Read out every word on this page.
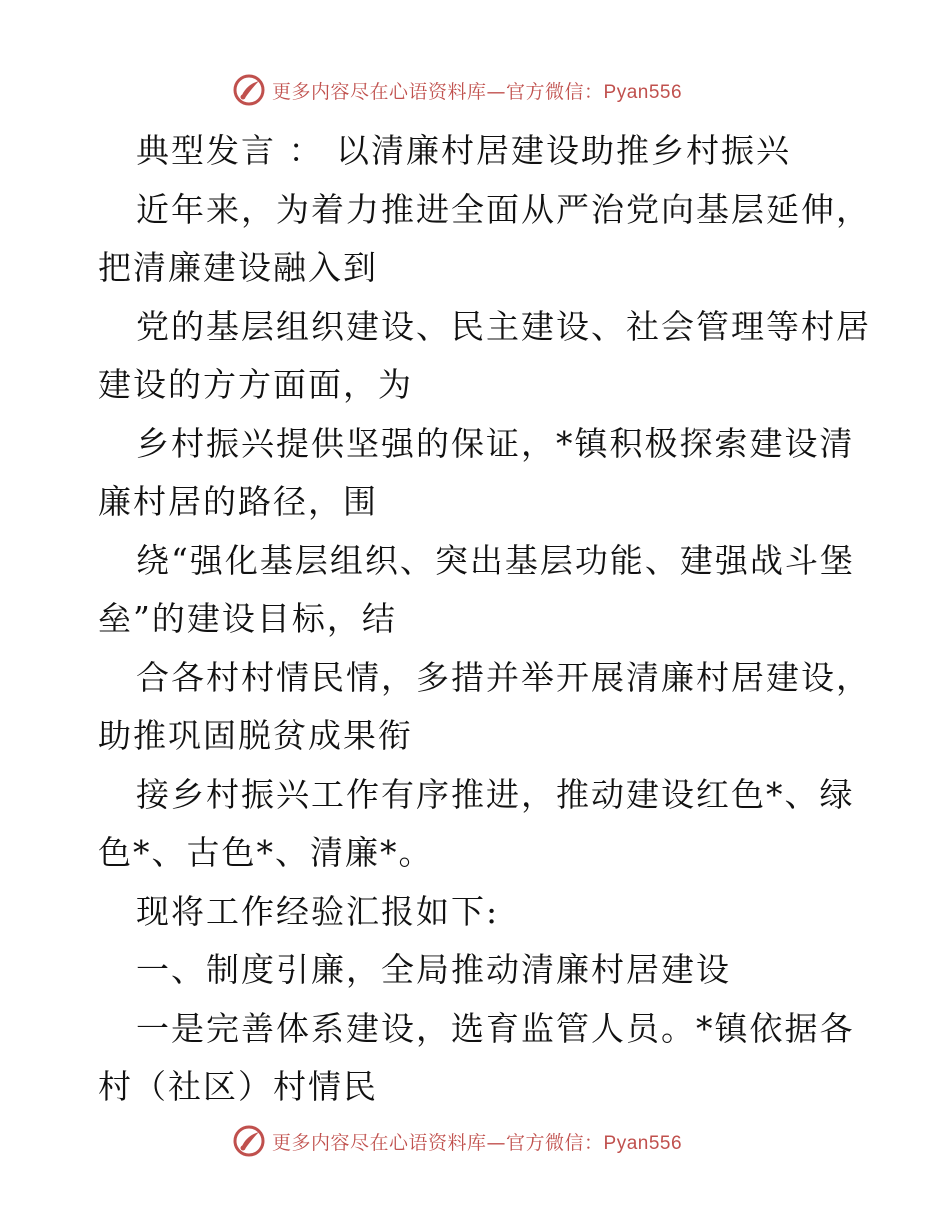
更多内容尽在心语资料库—官方微信：Pyan556
典型发言 ： 以清廉村居建设助推乡村振兴
近年来，为着力推进全面从严治党向基层延伸，
把清廉建设融入到
党的基层组织建设、民主建设、社会管理等村居
建设的方方面面，为
乡村振兴提供坚强的保证，*镇积极探索建设清
廉村居的路径，围
绕“强化基层组织、突出基层功能、建强战斗堡
垒”的建设目标，结
合各村村情民情，多措并举开展清廉村居建设，
助推巩固脱贫成果衔
接乡村振兴工作有序推进，推动建设红色*、绿
色*、古色*、清廉*。
现将工作经验汇报如下:
一、制度引廉，全局推动清廉村居建设
一是完善体系建设，选育监管人员。*镇依据各
村（社区）村情民
更多内容尽在心语资料库—官方微信：Pyan556
